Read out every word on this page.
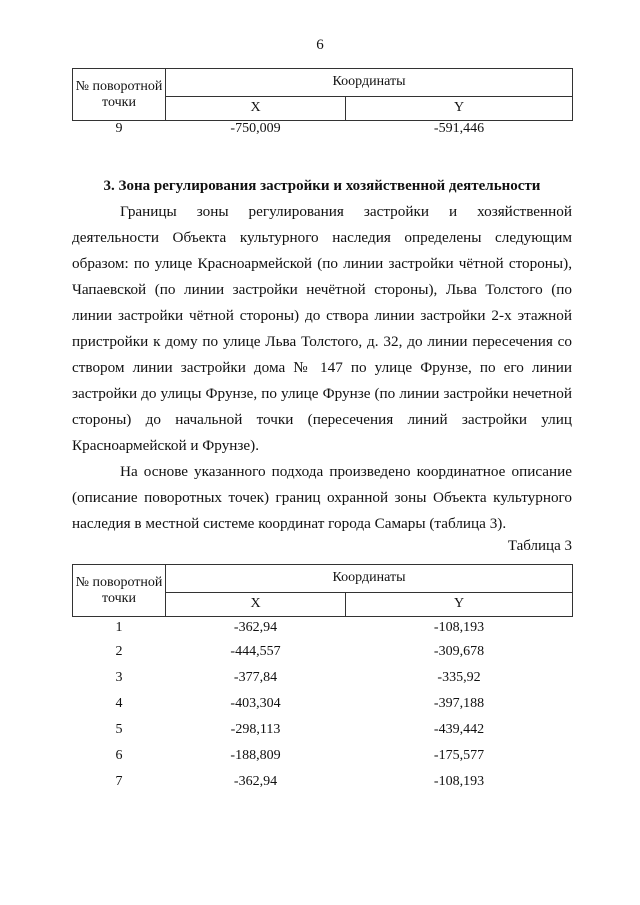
6
№ поворотной точки	Координаты	
	X	Y
9	-750,009	-591,446
3. Зона регулирования застройки и хозяйственной деятельности

Границы зоны регулирования застройки и хозяйственной деятельности Объекта культурного наследия определены следующим образом: по улице Красноармейской (по линии застройки чётной стороны), Чапаевской (по линии застройки нечётной стороны), Льва Толстого (по линии застройки чётной стороны) до створа линии застройки 2-х этажной пристройки к дому по улице Льва Толстого, д. 32, до линии пересечения со створом линии застройки дома № 147 по улице Фрунзе, по его линии застройки до улицы Фрунзе, по улице Фрунзе (по линии застройки нечетной стороны) до начальной точки (пересечения линий застройки улиц Красноармейской и Фрунзе).

На основе указанного подхода произведено координатное описание (описание поворотных точек) границ охранной зоны Объекта культурного наследия в местной системе координат города Самары (таблица 3).

Таблица 3
№ поворотной точки	Координаты	
	X	Y
1	-362,94	-108,193
2	-444,557	-309,678
3	-377,84	-335,92
4	-403,304	-397,188
5	-298,113	-439,442
6	-188,809	-175,577
7	-362,94	-108,193
